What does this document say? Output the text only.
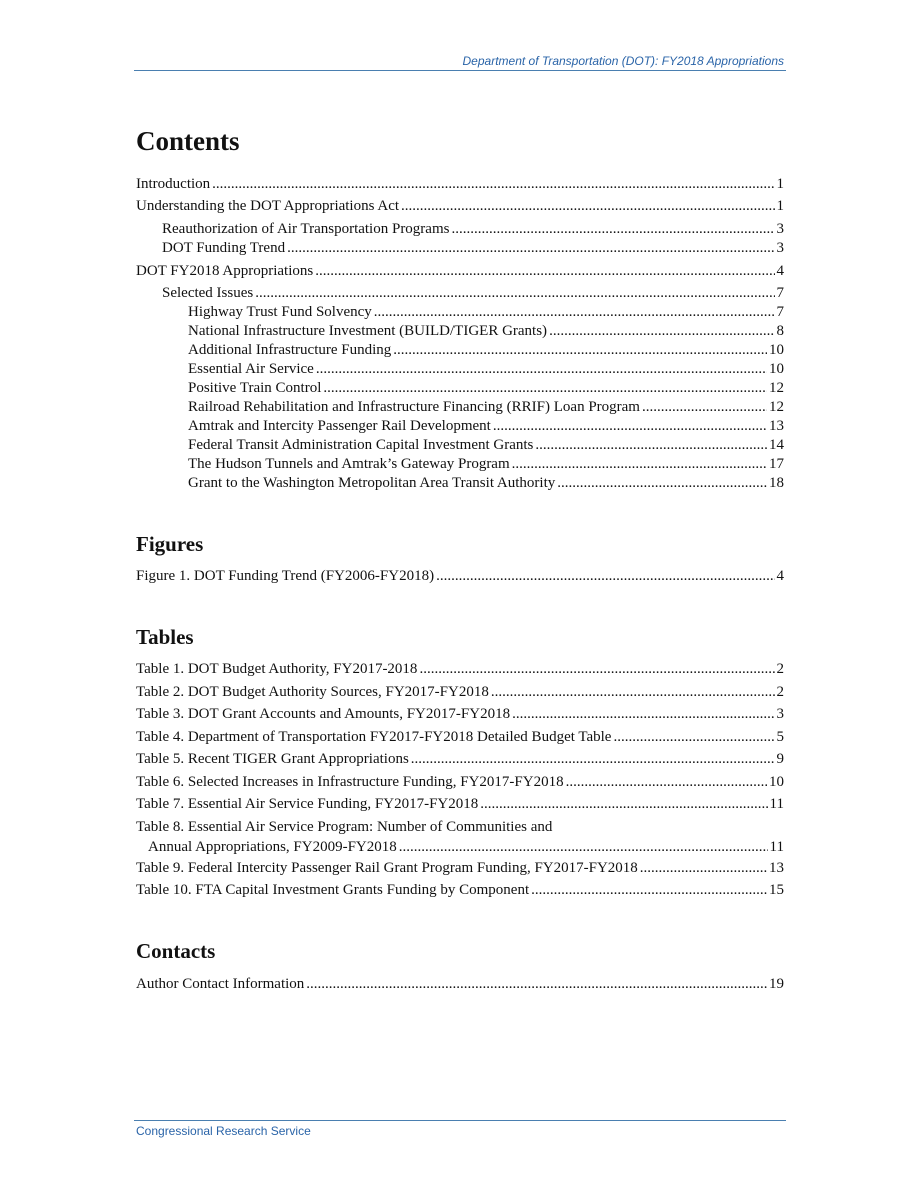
Department of Transportation (DOT): FY2018 Appropriations
Contents
Introduction .....	1
Understanding the DOT Appropriations Act .....	1
Reauthorization of Air Transportation Programs .....	3
DOT Funding Trend .....	3
DOT FY2018 Appropriations .....	4
Selected Issues .....	7
Highway Trust Fund Solvency .....	7
National Infrastructure Investment (BUILD/TIGER Grants) .....	8
Additional Infrastructure Funding .....	10
Essential Air Service .....	10
Positive Train Control .....	12
Railroad Rehabilitation and Infrastructure Financing (RRIF) Loan Program .....	12
Amtrak and Intercity Passenger Rail Development .....	13
Federal Transit Administration Capital Investment Grants .....	14
The Hudson Tunnels and Amtrak’s Gateway Program .....	17
Grant to the Washington Metropolitan Area Transit Authority .....	18
Figures
Figure 1. DOT Funding Trend (FY2006-FY2018) .....	4
Tables
Table 1. DOT Budget Authority, FY2017-2018 .....	2
Table 2. DOT Budget Authority Sources, FY2017-FY2018 .....	2
Table 3. DOT Grant Accounts and Amounts, FY2017-FY2018 .....	3
Table 4. Department of Transportation FY2017-FY2018 Detailed Budget Table .....	5
Table 5. Recent TIGER Grant Appropriations .....	9
Table 6. Selected Increases in Infrastructure Funding, FY2017-FY2018 .....	10
Table 7. Essential Air Service Funding, FY2017-FY2018 .....	11
Table 8. Essential Air Service Program: Number of Communities and
Annual Appropriations, FY2009-FY2018 .....	11
Table 9. Federal Intercity Passenger Rail Grant Program Funding, FY2017-FY2018 .....	13
Table 10. FTA Capital Investment Grants Funding by Component .....	15
Contacts
Author Contact Information .....	19
Congressional Research Service
